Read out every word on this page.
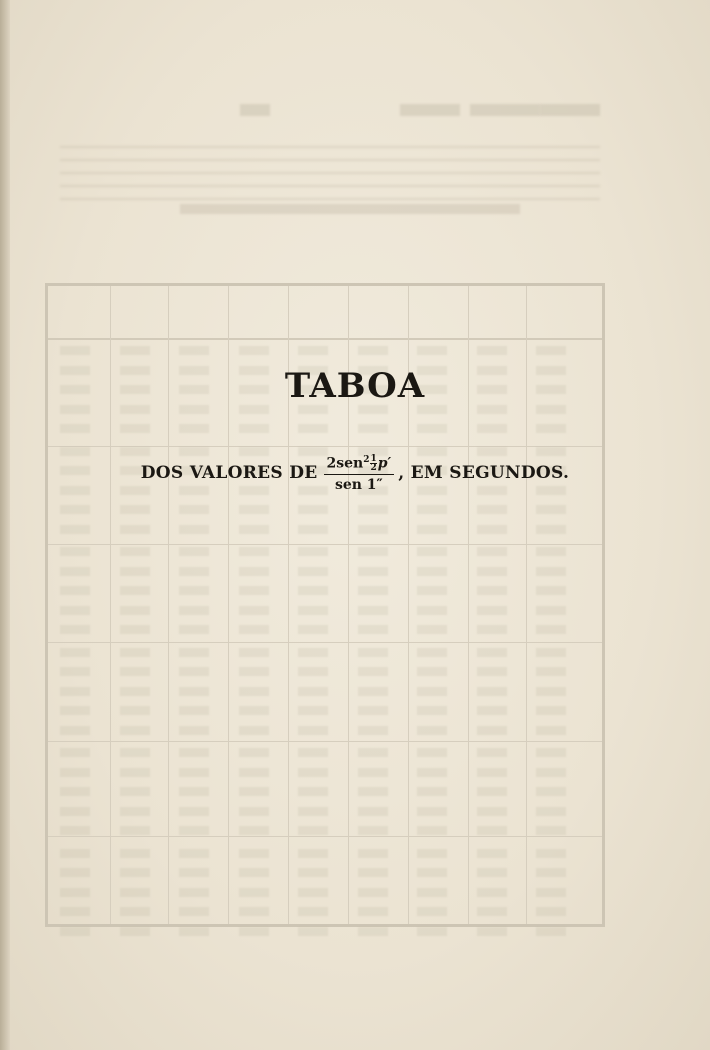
TABOA
DOS VALORES DE $\frac{2sen^2 \frac{1}{2} p'}{\text{sen 1″}}$ , EM SEGUNDOS.
